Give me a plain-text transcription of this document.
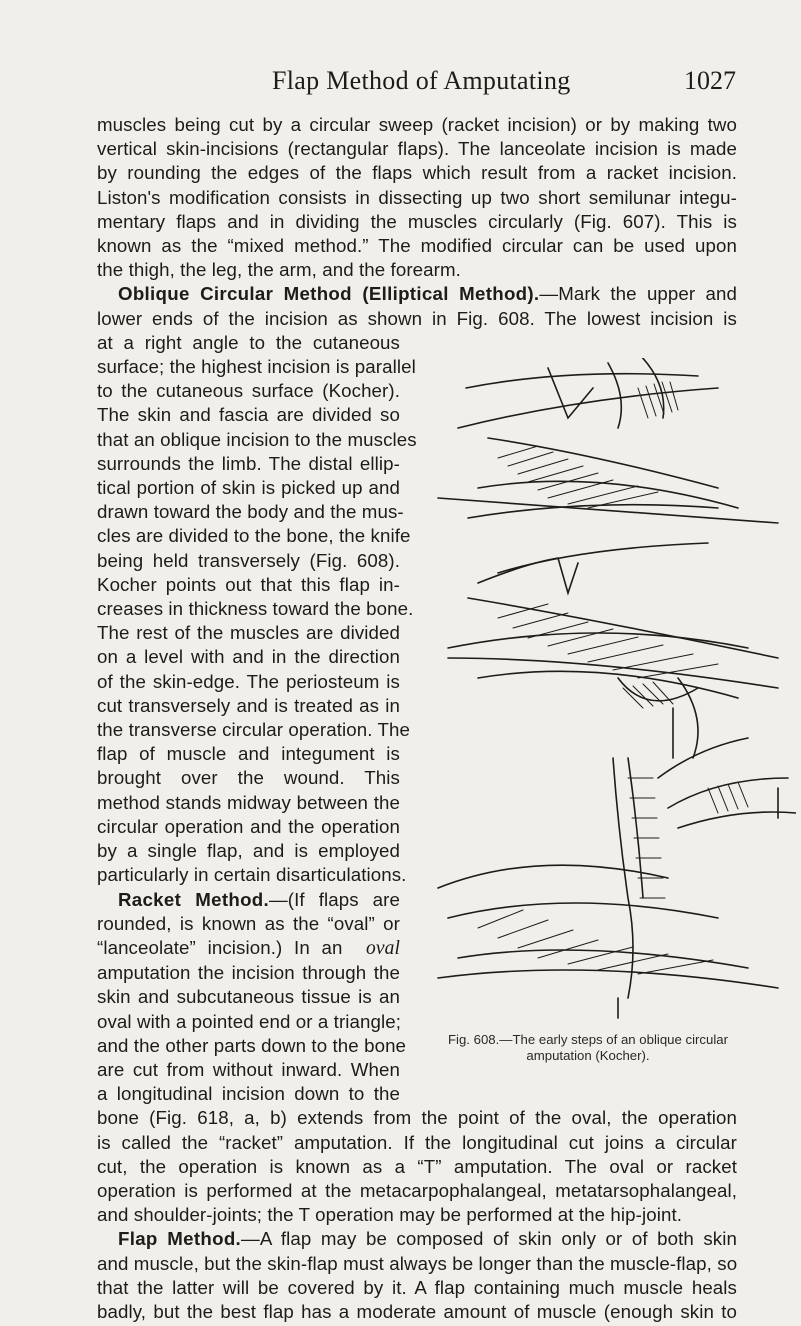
Flap Method of Amputating	1027
muscles being cut by a circular sweep (racket incision) or by making two
vertical skin-incisions (rectangular flaps). The lanceolate incision is made
by rounding the edges of the flaps which result from a racket incision.
Liston's modification consists in dissecting up two short semilunar integu-
mentary flaps and in dividing the muscles circularly (Fig. 607). This is
known as the “mixed method.” The modified circular can be used upon
the thigh, the leg, the arm, and the forearm.
Oblique Circular Method (Elliptical Method).—Mark the upper and
lower ends of the incision as shown in Fig. 608. The lowest incision is
at a right angle to the cutaneous
surface; the highest incision is parallel
to the cutaneous surface (Kocher).
The skin and fascia are divided so
that an oblique incision to the muscles
surrounds the limb. The distal ellip-
tical portion of skin is picked up and
drawn toward the body and the mus-
cles are divided to the bone, the knife
being held transversely (Fig. 608).
Kocher points out that this flap in-
creases in thickness toward the bone.
The rest of the muscles are divided
on a level with and in the direction
of the skin-edge. The periosteum is
cut transversely and is treated as in
the transverse circular operation. The
flap of muscle and integument is
brought over the wound. This
method stands midway between the
circular operation and the operation
by a single flap, and is employed
particularly in certain disarticulations.
Racket Method.—(If flaps are
rounded, is known as the “oval” or
“lanceolate” incision.) In an oval
amputation the incision through the
skin and subcutaneous tissue is an
oval with a pointed end or a triangle;
and the other parts down to the bone
are cut from without inward. When
a longitudinal incision down to the
bone (Fig. 618, a, b) extends from the point of the oval, the operation
is called the “racket” amputation. If the longitudinal cut joins a circular
cut, the operation is known as a “T” amputation. The oval or racket
operation is performed at the metacarpophalangeal, metatarsophalangeal,
and shoulder-joints; the T operation may be performed at the hip-joint.
Flap Method.—A flap may be composed of skin only or of both skin
and muscle, but the skin-flap must always be longer than the muscle-flap, so
that the latter will be covered by it. A flap containing much muscle heals
badly, but the best flap has a moderate amount of muscle (enough skin to
Fig. 608.—The early steps of an oblique circular
amputation (Kocher).
